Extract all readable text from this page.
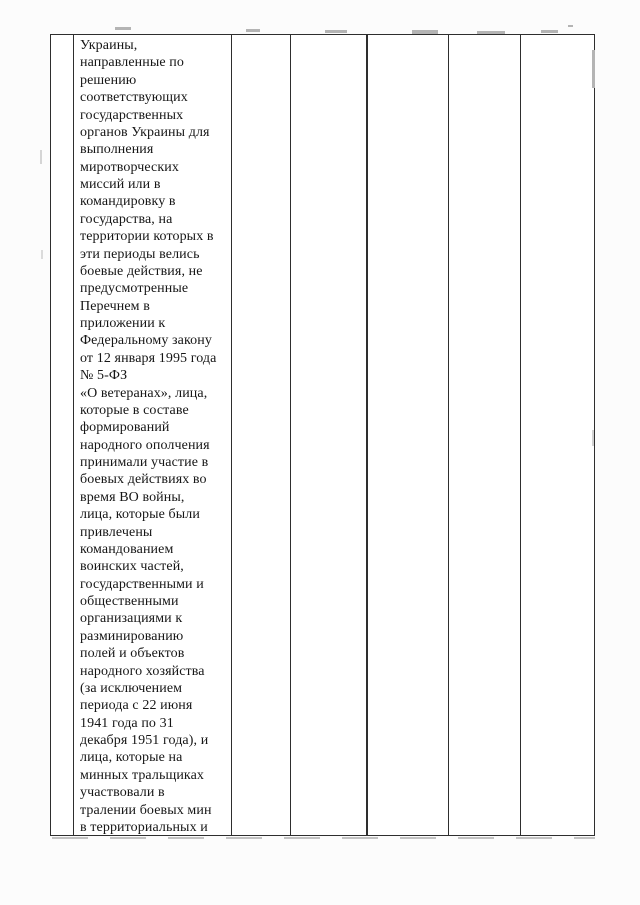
Украины,
направленные по
решению
соответствующих
государственных
органов Украины для
выполнения
миротворческих
миссий или в
командировку в
государства, на
территории которых в
эти периоды велись
боевые действия, не
предусмотренные
Перечнем в
приложении к
Федеральному закону
от 12 января 1995 года
№ 5-ФЗ
«О ветеранах», лица,
которые в составе
формирований
народного ополчения
принимали участие в
боевых действиях во
время ВО войны,
лица, которые были
привлечены
командованием
воинских частей,
государственными и
общественными
организациями к
разминированию
полей и объектов
народного хозяйства
(за исключением
периода с 22 июня
1941 года по 31
декабря 1951 года), и
лица, которые на
минных тральщиках
участвовали в
тралении боевых мин
в территориальных и
